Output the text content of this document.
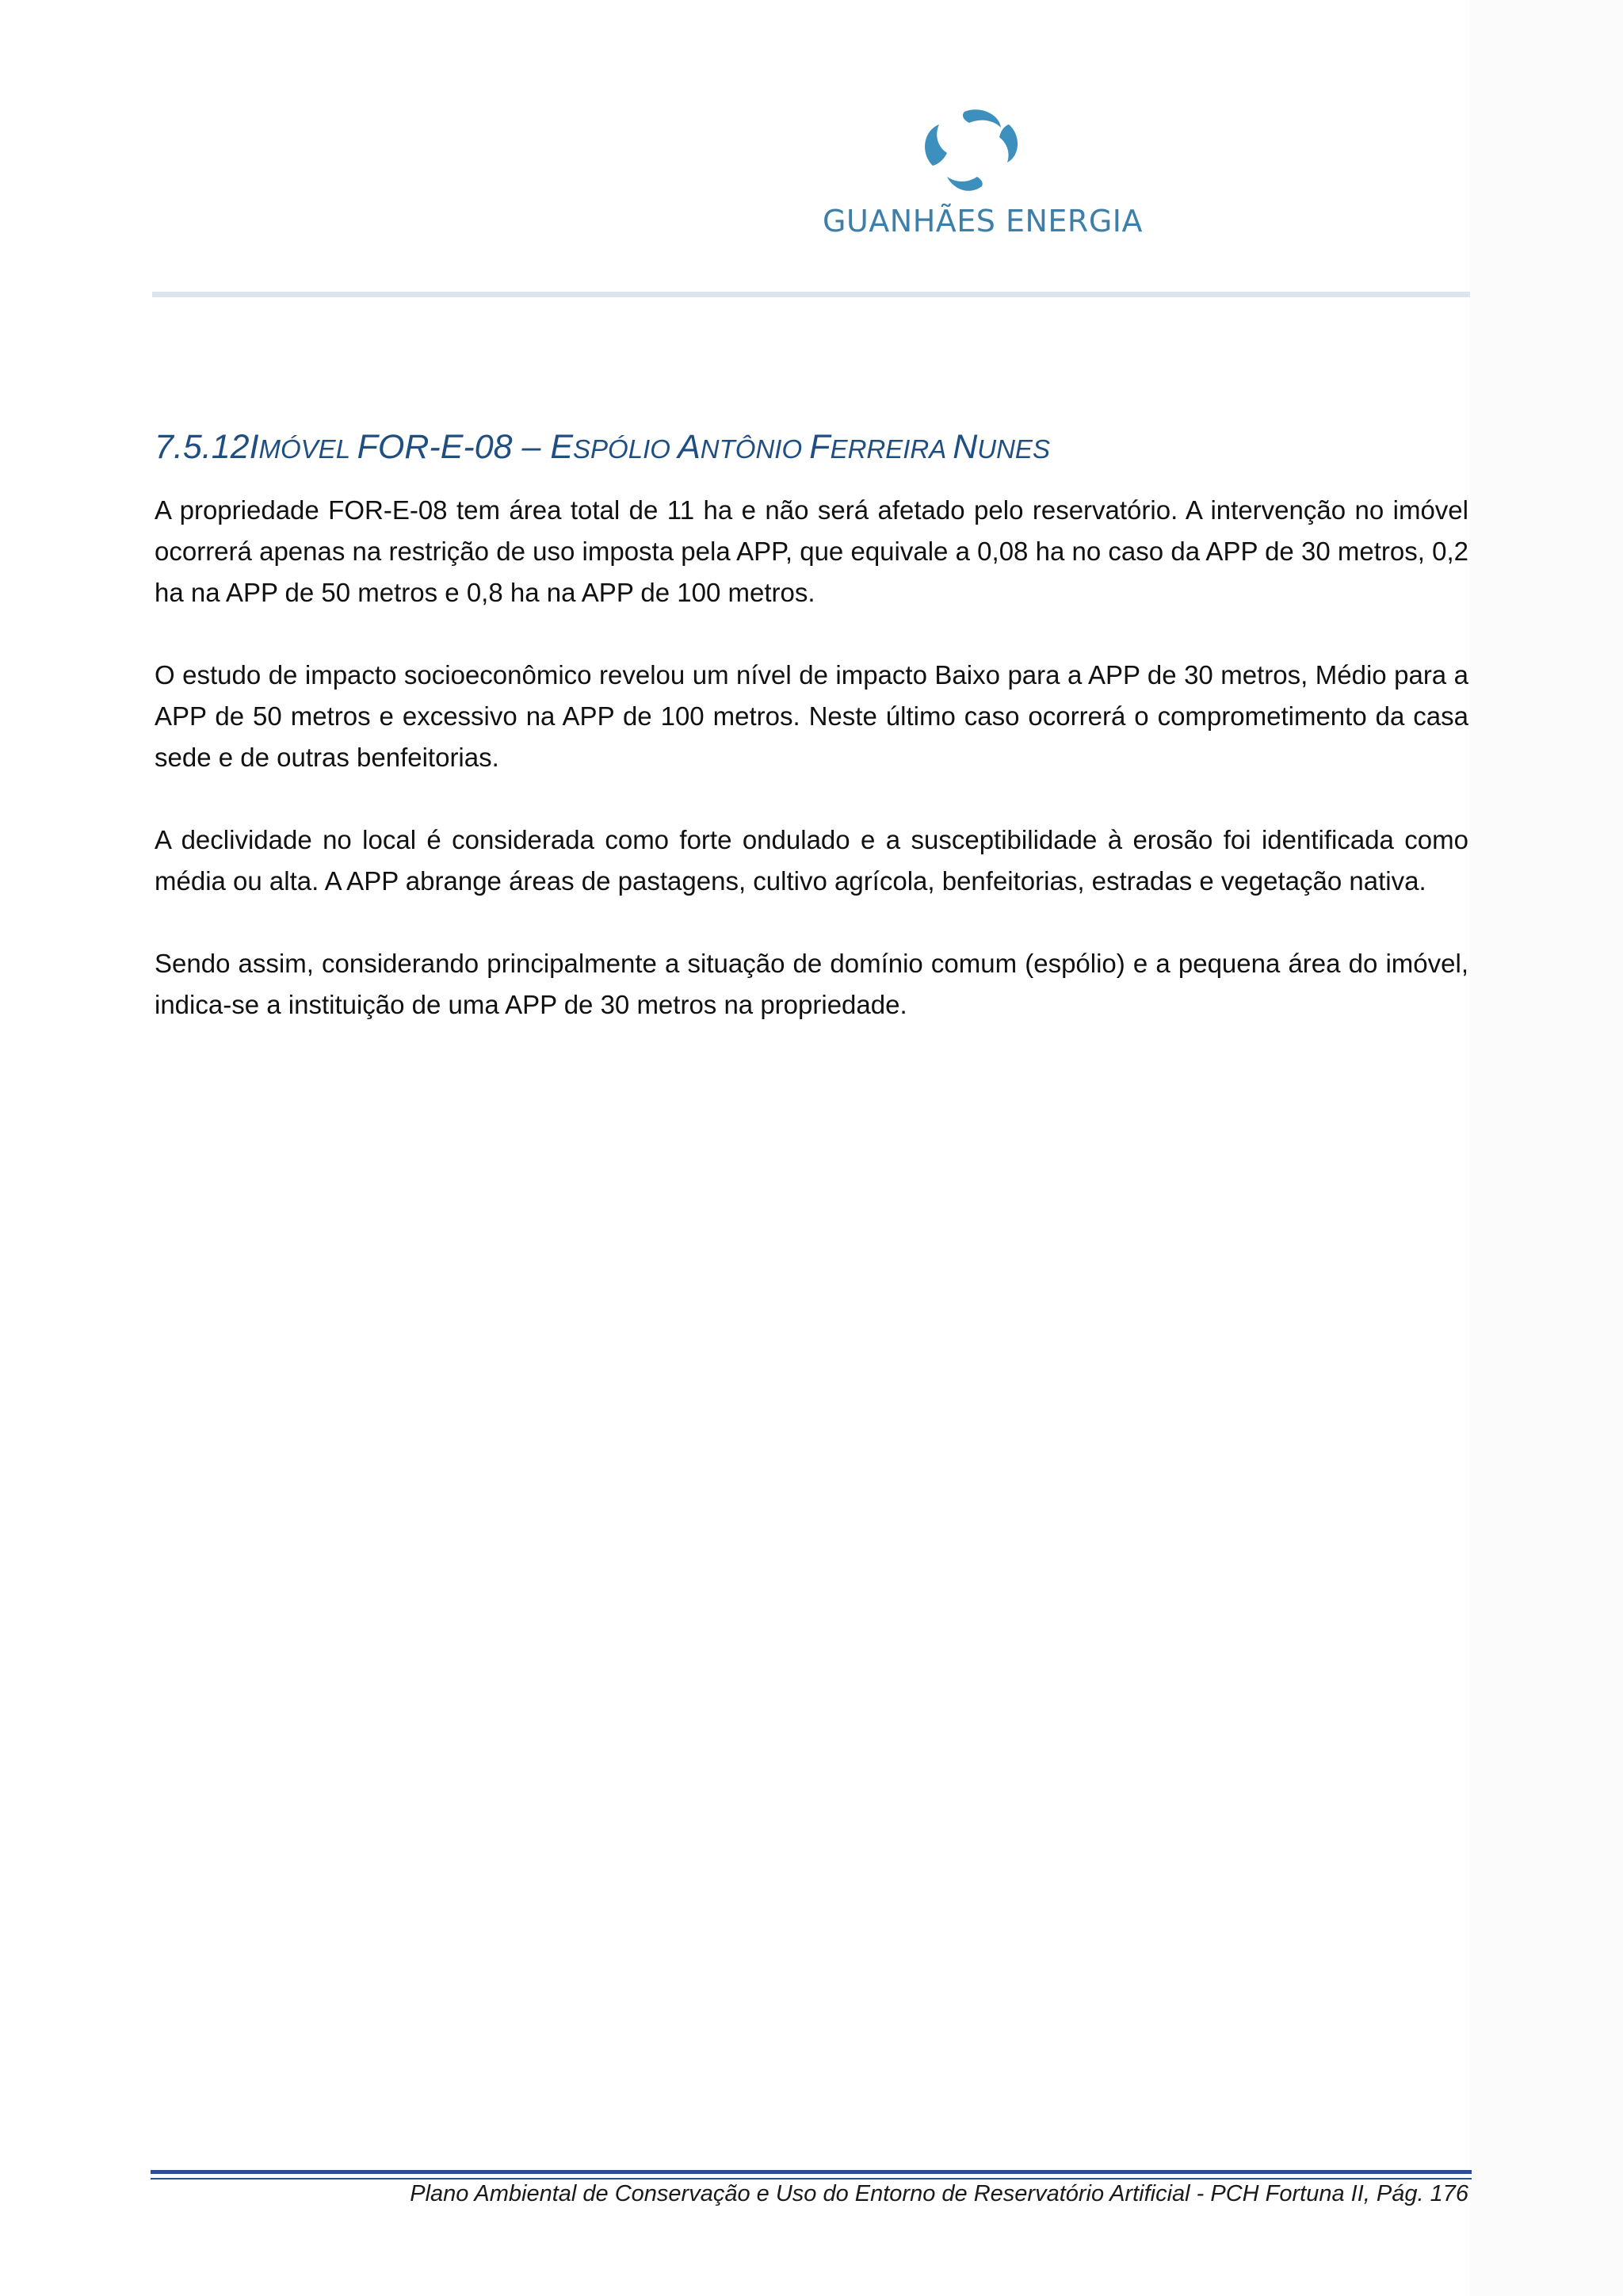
GUANHÃES ENERGIA
7.5.12IMÓVEL FOR-E-08 – ESPÓLIO ANTÔNIO FERREIRA NUNES

A propriedade FOR-E-08 tem área total de 11 ha e não será afetado pelo reservatório. A intervenção no imóvel ocorrerá apenas na restrição de uso imposta pela APP, que equivale a 0,08 ha no caso da APP de 30 metros, 0,2 ha na APP de 50 metros e 0,8 ha na APP de 100 metros.

O estudo de impacto socioeconômico revelou um nível de impacto Baixo para a APP de 30 metros, Médio para a APP de 50 metros e excessivo na APP de 100 metros. Neste último caso ocorrerá o comprometimento da casa sede e de outras benfeitorias.

A declividade no local é considerada como forte ondulado e a susceptibilidade à erosão foi identificada como média ou alta. A APP abrange áreas de pastagens, cultivo agrícola, benfeitorias, estradas e vegetação nativa.

Sendo assim, considerando principalmente a situação de domínio comum (espólio) e a pequena área do imóvel, indica-se a instituição de uma APP de 30 metros na propriedade.

Plano Ambiental de Conservação e Uso do Entorno de Reservatório Artificial - PCH Fortuna II, Pág. 176
